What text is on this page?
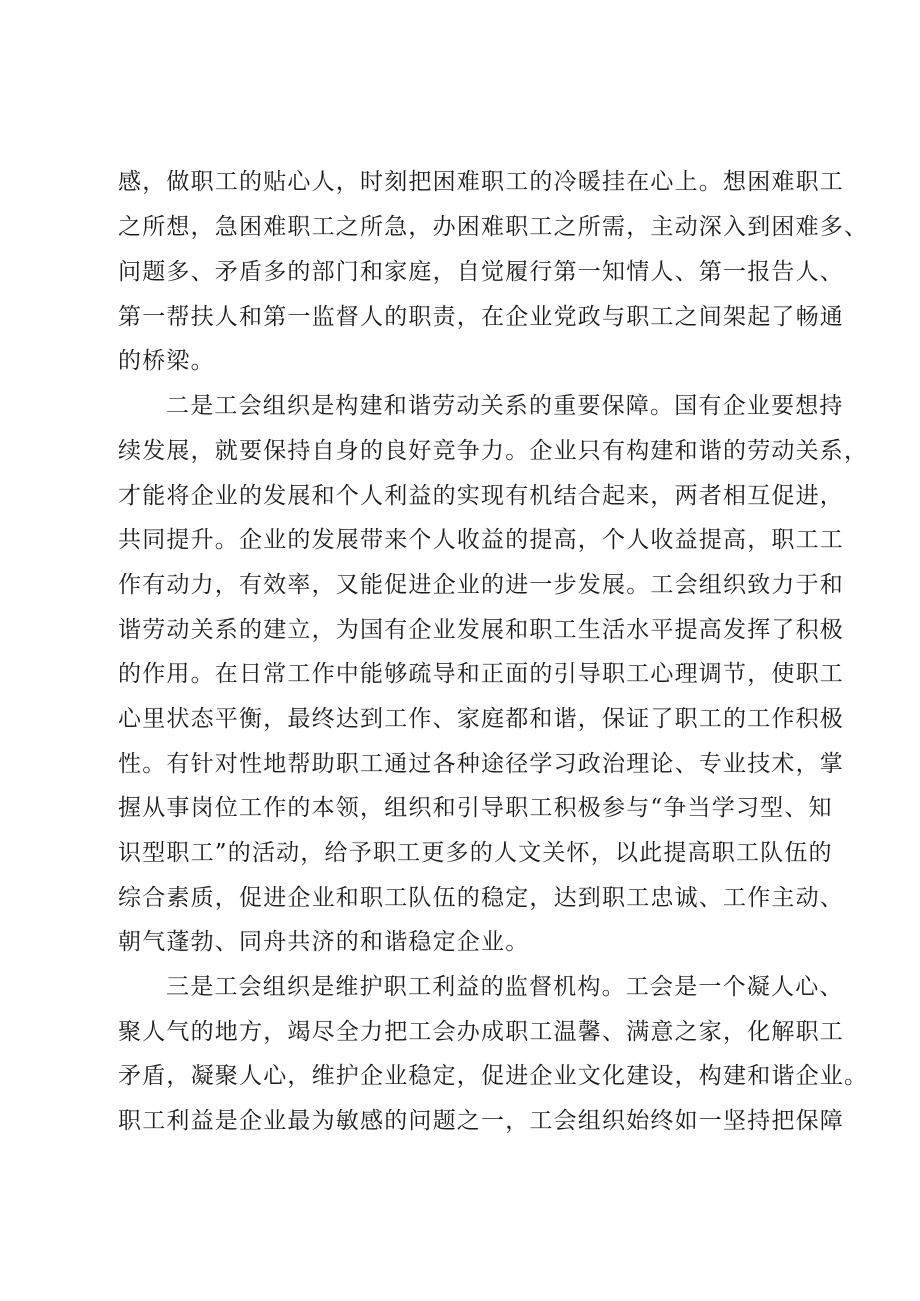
感，做职工的贴心人，时刻把困难职工的冷暖挂在心上。想困难职工
之所想，急困难职工之所急，办困难职工之所需，主动深入到困难多、
问题多、矛盾多的部门和家庭，自觉履行第一知情人、第一报告人、
第一帮扶人和第一监督人的职责，在企业党政与职工之间架起了畅通
的桥梁。
二是工会组织是构建和谐劳动关系的重要保障。国有企业要想持
续发展，就要保持自身的良好竞争力。企业只有构建和谐的劳动关系，
才能将企业的发展和个人利益的实现有机结合起来，两者相互促进，
共同提升。企业的发展带来个人收益的提高，个人收益提高，职工工
作有动力，有效率，又能促进企业的进一步发展。工会组织致力于和
谐劳动关系的建立，为国有企业发展和职工生活水平提高发挥了积极
的作用。在日常工作中能够疏导和正面的引导职工心理调节，使职工
心里状态平衡，最终达到工作、家庭都和谐，保证了职工的工作积极
性。有针对性地帮助职工通过各种途径学习政治理论、专业技术，掌
握从事岗位工作的本领，组织和引导职工积极参与“争当学习型、知
识型职工”的活动，给予职工更多的人文关怀，以此提高职工队伍的
综合素质，促进企业和职工队伍的稳定，达到职工忠诚、工作主动、
朝气蓬勃、同舟共济的和谐稳定企业。
三是工会组织是维护职工利益的监督机构。工会是一个凝人心、
聚人气的地方，竭尽全力把工会办成职工温馨、满意之家，化解职工
矛盾，凝聚人心，维护企业稳定，促进企业文化建设，构建和谐企业。
职工利益是企业最为敏感的问题之一，工会组织始终如一坚持把保障
